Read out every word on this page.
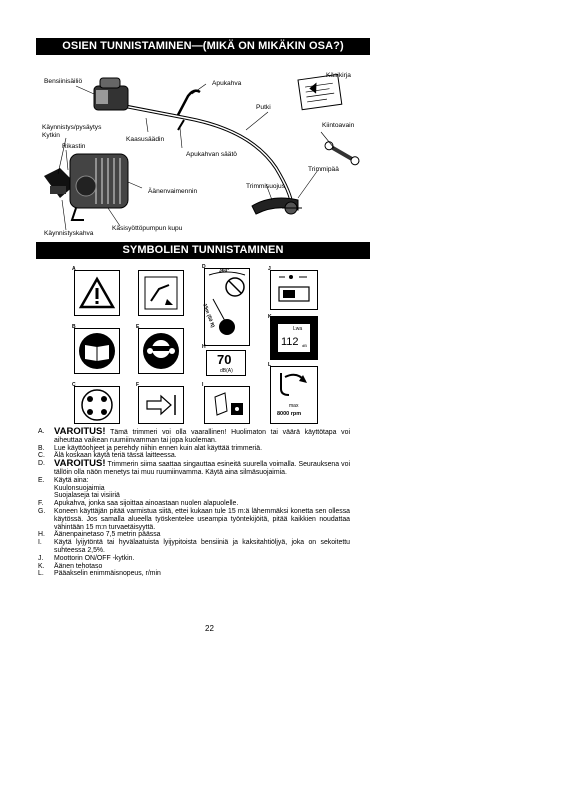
OSIEN TUNNISTAMINEN—(MIKÄ ON MIKÄKIN OSA?)
Bensiinisäiliö	Apukahva
Käsikirja
Putki
Kiintoavain
Käynnistys/pysäytys
Kytkin
Rikastin
Kaasusäädin
Apukahvan säätö
Trimmipää
Trimmisuojus
Äänenvaimennin
Käynnistyskahva
Käsisyöttöpumpun kupu
SYMBOLIEN TUNNISTAMINEN
A
B
C
E
F
360°
15m (50 ft)
D
70
dB(A)
H
I
J
Lwa
112 dB
K
max
8000 rpm
L
A. VAROITUS! Tämä trimmeri voi olla vaarallinen! Huolimaton tai väärä käyttötapa voi aiheuttaa vaikean ruumiinvamman tai jopa kuoleman.
B.	Lue käyttöohjeet ja perehdy niihin ennen kuin alat käyttää trimmeriä.
C.	Älä koskaan käytä teriä tässä laitteessa.
D. VAROITUS! Trimmerin siima saattaa singauttaa esineitä suurella voimalla. Seurauksena voi tällöin olla näön menetys tai muu ruumiinvamma. Käytä aina silmäsuojaimia.
E.	Käytä aina:
Kuulonsuojaimia
Suojalaseja tai visiiriä
F.	Apukahva, jonka saa sijoittaa ainoastaan nuolen alapuolelle.
G.	Koneen käyttäjän pitää varmistua siitä, ettei kukaan tule 15 m:ä lähemmäksi konetta sen ollessa käytössä. Jos samalla alueella työskentelee useampia työntekijöitä, pitää kaikkien noudattaa vähintään 15 m:n turvaetäisyyttä.
H.	Äänenpainetaso 7,5 metrin päässa
I.	Käytä lyijytöntä tai hyvälaatuista lyijypitoista bensiiniä ja kaksitahtiöljyä, joka on sekoitettu suhteessa 2,5%.
J.	Moottorin ON/OFF -kytkin.
K.	Äänen tehotaso
L.	Pääakselin enimmäisnopeus, r/min
22
